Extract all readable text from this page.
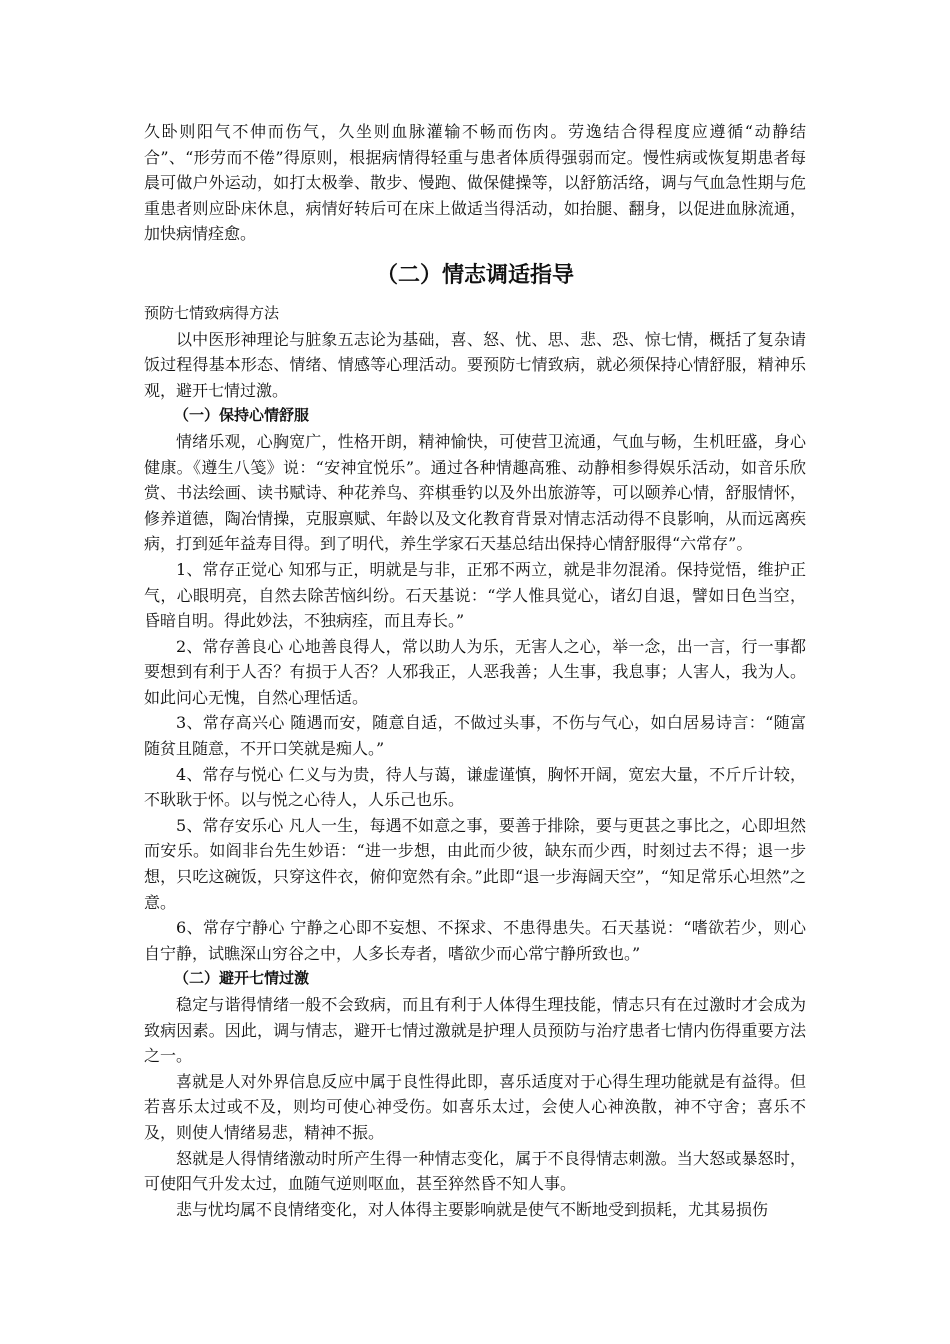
久卧则阳气不伸而伤气，久坐则血脉灌输不畅而伤肉。劳逸结合得程度应遵循“动静结合”、“形劳而不倦”得原则，根据病情得轻重与患者体质得强弱而定。慢性病或恢复期患者每晨可做户外运动，如打太极拳、散步、慢跑、做保健操等，以舒筋活络，调与气血急性期与危重患者则应卧床休息，病情好转后可在床上做适当得活动，如抬腿、翻身，以促进血脉流通，加快病情痊愈。

（二）情志调适指导

预防七情致病得方法

以中医形神理论与脏象五志论为基础，喜、怒、忧、思、悲、恐、惊七情，概括了复杂请饭过程得基本形态、情绪、情感等心理活动。要预防七情致病，就必须保持心情舒服，精神乐观，避开七情过激。

（一）保持心情舒服

情绪乐观，心胸宽广，性格开朗，精神愉快，可使营卫流通，气血与畅，生机旺盛，身心健康。《遵生八笺》说：“安神宜悦乐”。通过各种情趣高雅、动静相参得娱乐活动，如音乐欣赏、书法绘画、读书赋诗、种花养鸟、弈棋垂钓以及外出旅游等，可以颐养心情，舒服情怀，修养道德，陶冶情操，克服禀赋、年龄以及文化教育背景对情志活动得不良影响，从而远离疾病，打到延年益寿目得。到了明代，养生学家石天基总结出保持心情舒服得“六常存”。

1、常存正觉心 知邪与正，明就是与非，正邪不两立，就是非勿混淆。保持觉悟，维护正气，心眼明亮，自然去除苦恼纠纷。石天基说：“学人惟具觉心，诸幻自退，譬如日色当空，昏暗自明。得此妙法，不独病痊，而且寿长。”

2、常存善良心 心地善良得人，常以助人为乐，无害人之心，举一念，出一言，行一事都要想到有利于人否？有损于人否？人邪我正，人恶我善；人生事，我息事；人害人，我为人。如此问心无愧，自然心理恬适。

3、常存高兴心 随遇而安，随意自适，不做过头事，不伤与气心，如白居易诗言：“随富随贫且随意，不开口笑就是痴人。”

4、常存与悦心 仁义与为贵，待人与蔼，谦虚谨慎，胸怀开阔，宽宏大量，不斤斤计较，不耿耿于怀。以与悦之心待人，人乐己也乐。

5、常存安乐心 凡人一生，每遇不如意之事，要善于排除，要与更甚之事比之，心即坦然而安乐。如阎非台先生妙语：“进一步想，由此而少彼，缺东而少西，时刻过去不得；退一步想，只吃这碗饭，只穿这件衣，俯仰宽然有余。”此即“退一步海阔天空”，“知足常乐心坦然”之意。

6、常存宁静心 宁静之心即不妄想、不探求、不患得患失。石天基说：“嗜欲若少，则心自宁静，试瞧深山穷谷之中，人多长寿者，嗜欲少而心常宁静所致也。”

（二）避开七情过激

稳定与谐得情绪一般不会致病，而且有利于人体得生理技能，情志只有在过激时才会成为致病因素。因此，调与情志，避开七情过激就是护理人员预防与治疗患者七情内伤得重要方法之一。

喜就是人对外界信息反应中属于良性得此即，喜乐适度对于心得生理功能就是有益得。但若喜乐太过或不及，则均可使心神受伤。如喜乐太过，会使人心神涣散，神不守舍；喜乐不及，则使人情绪易悲，精神不振。

怒就是人得情绪激动时所产生得一种情志变化，属于不良得情志刺激。当大怒或暴怒时，可使阳气升发太过，血随气逆则呕血，甚至猝然昏不知人事。

悲与忧均属不良情绪变化，对人体得主要影响就是使气不断地受到损耗，尤其易损伤
